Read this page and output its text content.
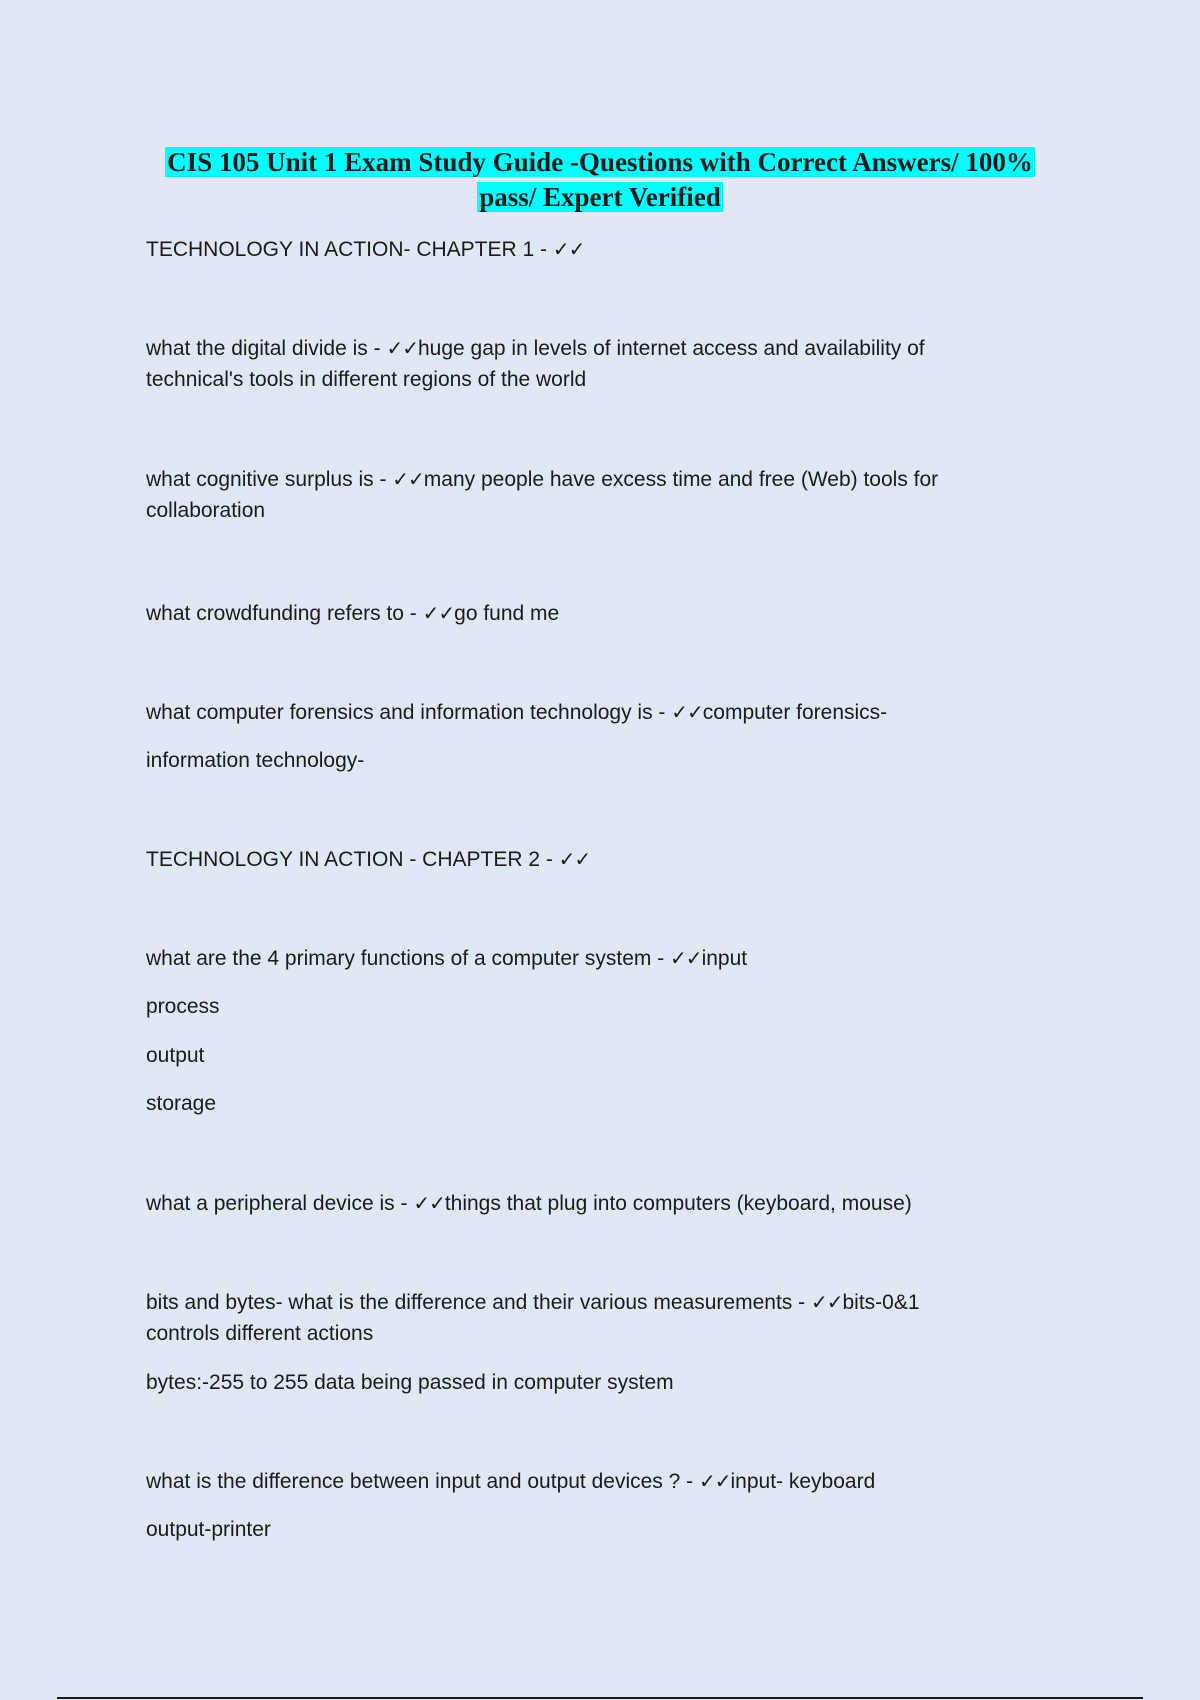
CIS 105 Unit 1 Exam Study Guide -Questions with Correct Answers/ 100%
pass/ Expert Verified
TECHNOLOGY IN ACTION- CHAPTER 1 - ✓✓
what the digital divide is - ✓✓huge gap in levels of internet access and availability of
technical's tools in different regions of the world
what cognitive surplus is - ✓✓many people have excess time and free (Web) tools for
collaboration
what crowdfunding refers to - ✓✓go fund me
what computer forensics and information technology is - ✓✓computer forensics-
information technology-
TECHNOLOGY IN ACTION - CHAPTER 2 - ✓✓
what are the 4 primary functions of a computer system - ✓✓input
process
output
storage
what a peripheral device is - ✓✓things that plug into computers (keyboard, mouse)
bits and bytes- what is the difference and their various measurements - ✓✓bits-0&1
controls different actions
bytes:-255 to 255 data being passed in computer system
what is the difference between input and output devices ? - ✓✓input- keyboard
output-printer
